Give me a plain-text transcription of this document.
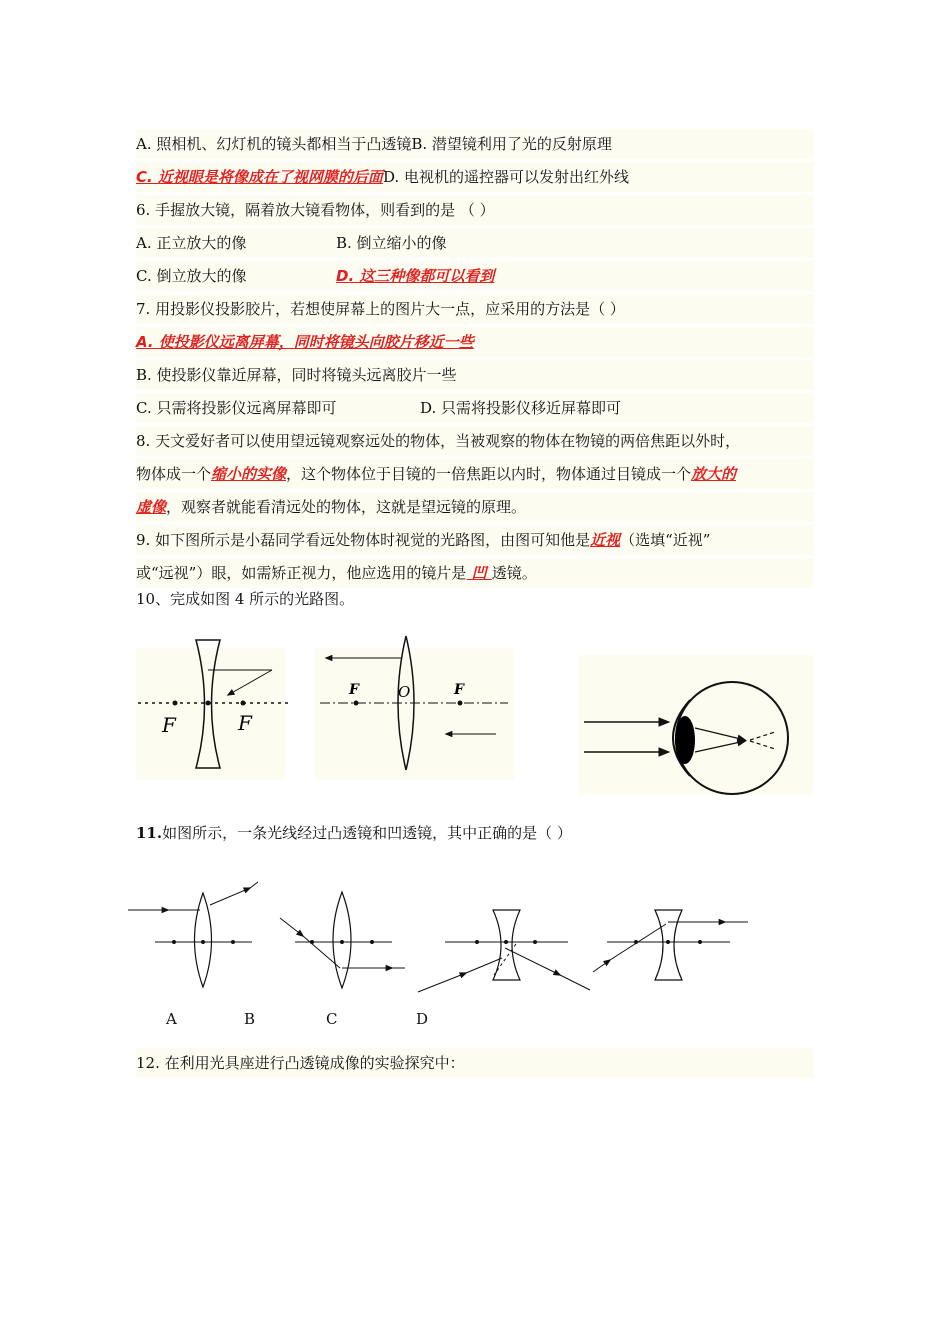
A. 照相机、幻灯机的镜头都相当于凸透镜B. 潜望镜利用了光的反射原理
C. 近视眼是将像成在了视网膜的后面D. 电视机的遥控器可以发射出红外线
6. 手握放大镜，隔着放大镜看物体，则看到的是 （ ）
A. 正立放大的像	B. 倒立缩小的像
C. 倒立放大的像	D. 这三种像都可以看到
7. 用投影仪投影胶片，若想使屏幕上的图片大一点，应采用的方法是（ ）
A. 使投影仪远离屏幕，同时将镜头向胶片移近一些
B. 使投影仪靠近屏幕，同时将镜头远离胶片一些
C. 只需将投影仪远离屏幕即可	D. 只需将投影仪移近屏幕即可
8. 天文爱好者可以使用望远镜观察远处的物体，当被观察的物体在物镜的两倍焦距以外时，
物体成一个缩小的实像，这个物体位于目镜的一倍焦距以内时，物体通过目镜成一个放大的
虚像，观察者就能看清远处的物体，这就是望远镜的原理。
9. 如下图所示是小磊同学看远处物体时视觉的光路图，由图可知他是近视（选填“近视”
或“远视”）眼，如需矫正视力，他应选用的镜片是 凹 透镜。
10、完成如图 4 所示的光路图。
F	F
F	O	F
11.如图所示，一条光线经过凸透镜和凹透镜，其中正确的是（ ）
A	B	C	D
12. 在利用光具座进行凸透镜成像的实验探究中：
